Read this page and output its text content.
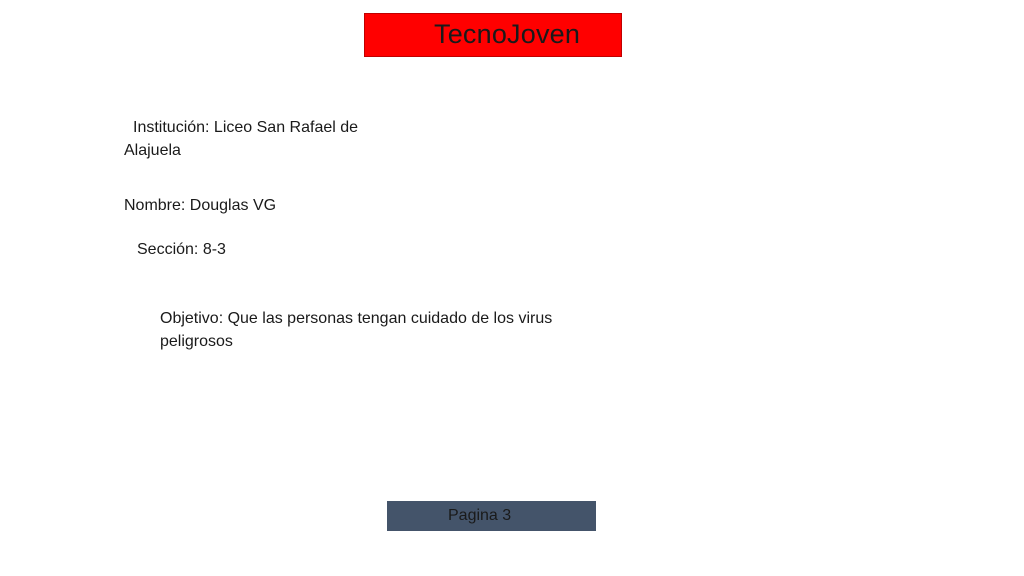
TecnoJoven
Institución: Liceo San Rafael de
Alajuela
Nombre: Douglas VG
Sección: 8-3
Objetivo: Que las personas tengan cuidado de los virus
peligrosos
Pagina 3
